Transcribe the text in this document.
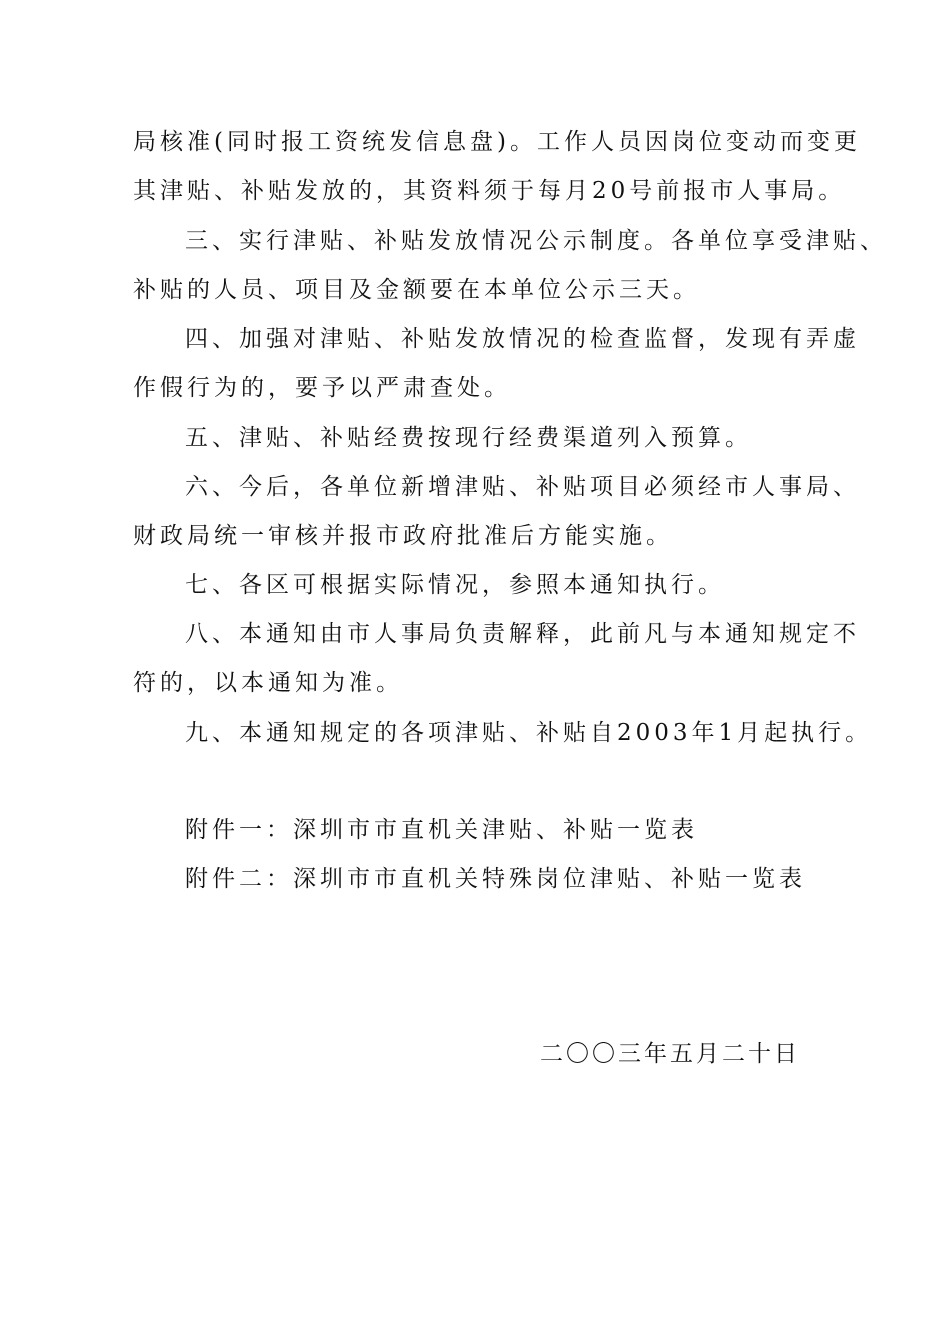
局核准(同时报工资统发信息盘)。工作人员因岗位变动而变更
其津贴、补贴发放的，其资料须于每月20号前报市人事局。
三、实行津贴、补贴发放情况公示制度。各单位享受津贴、
补贴的人员、项目及金额要在本单位公示三天。
四、加强对津贴、补贴发放情况的检查监督，发现有弄虚
作假行为的，要予以严肃查处。
五、津贴、补贴经费按现行经费渠道列入预算。
六、今后，各单位新增津贴、补贴项目必须经市人事局、
财政局统一审核并报市政府批准后方能实施。
七、各区可根据实际情况，参照本通知执行。
八、本通知由市人事局负责解释，此前凡与本通知规定不
符的，以本通知为准。
九、本通知规定的各项津贴、补贴自2003年1月起执行。
附件一：深圳市市直机关津贴、补贴一览表
附件二：深圳市市直机关特殊岗位津贴、补贴一览表
二〇〇三年五月二十日
